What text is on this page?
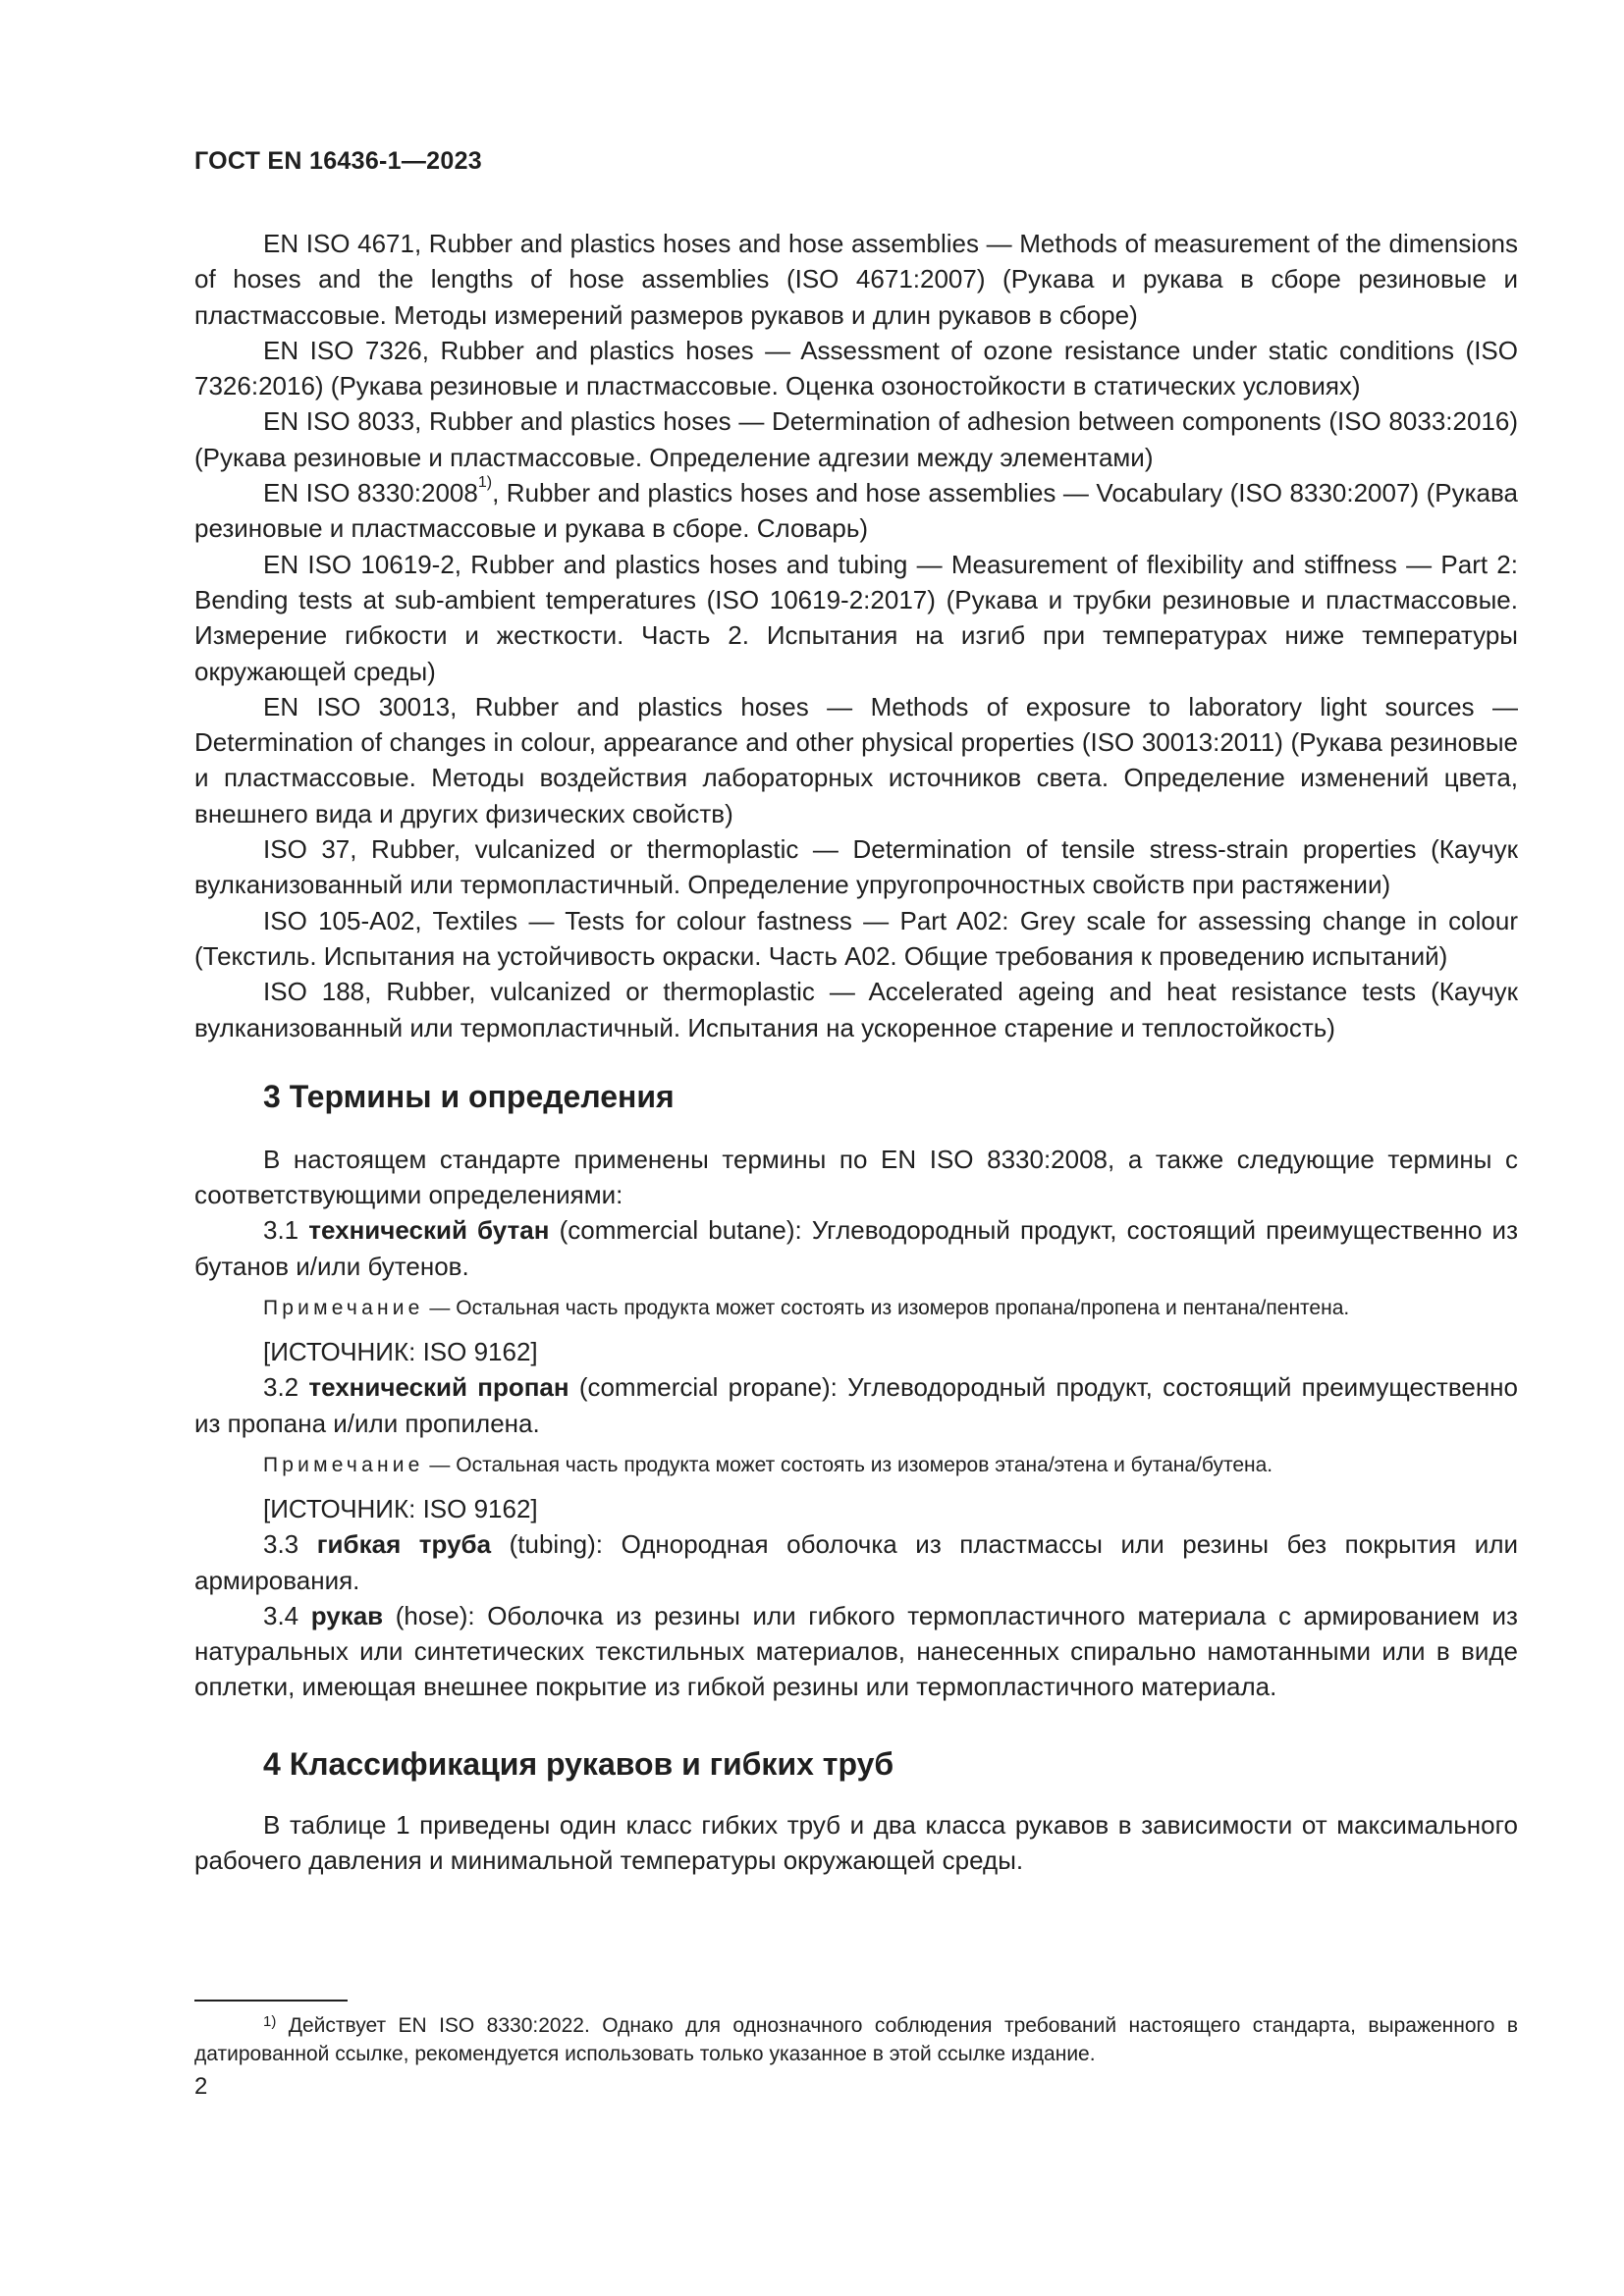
ГОСТ EN 16436-1—2023

EN ISO 4671, Rubber and plastics hoses and hose assemblies — Methods of measurement of the dimensions of hoses and the lengths of hose assemblies (ISO 4671:2007) (Рукава и рукава в сборе резиновые и пластмассовые. Методы измерений размеров рукавов и длин рукавов в сборе)

EN ISO 7326, Rubber and plastics hoses — Assessment of ozone resistance under static conditions (ISO 7326:2016) (Рукава резиновые и пластмассовые. Оценка озоностойкости в статических условиях)

EN ISO 8033, Rubber and plastics hoses — Determination of adhesion between components (ISO 8033:2016) (Рукава резиновые и пластмассовые. Определение адгезии между элементами)

EN ISO 8330:2008$^{1)}$, Rubber and plastics hoses and hose assemblies — Vocabulary (ISO 8330:2007) (Рукава резиновые и пластмассовые и рукава в сборе. Словарь)

EN ISO 10619-2, Rubber and plastics hoses and tubing — Measurement of flexibility and stiffness — Part 2: Bending tests at sub-ambient temperatures (ISO 10619-2:2017) (Рукава и трубки резиновые и пластмассовые. Измерение гибкости и жесткости. Часть 2. Испытания на изгиб при температурах ниже температуры окружающей среды)

EN ISO 30013, Rubber and plastics hoses — Methods of exposure to laboratory light sources — Determination of changes in colour, appearance and other physical properties (ISO 30013:2011) (Рукава резиновые и пластмассовые. Методы воздействия лабораторных источников света. Определение изменений цвета, внешнего вида и других физических свойств)

ISO 37, Rubber, vulcanized or thermoplastic — Determination of tensile stress-strain properties (Каучук вулканизованный или термопластичный. Определение упругопрочностных свойств при растяжении)

ISO 105-A02, Textiles — Tests for colour fastness — Part A02: Grey scale for assessing change in colour (Текстиль. Испытания на устойчивость окраски. Часть А02. Общие требования к проведению испытаний)

ISO 188, Rubber, vulcanized or thermoplastic — Accelerated ageing and heat resistance tests (Каучук вулканизованный или термопластичный. Испытания на ускоренное старение и теплостойкость)

3 Термины и определения

В настоящем стандарте применены термины по EN ISO 8330:2008, а также следующие термины с соответствующими определениями:

3.1 технический бутан (commercial butane): Углеводородный продукт, состоящий преимущественно из бутанов и/или бутенов.

Примечание — Остальная часть продукта может состоять из изомеров пропана/пропена и пентана/пентена.

[ИСТОЧНИК: ISO 9162]

3.2 технический пропан (commercial propane): Углеводородный продукт, состоящий преимущественно из пропана и/или пропилена.

Примечание — Остальная часть продукта может состоять из изомеров этана/этена и бутана/бутена.

[ИСТОЧНИК: ISO 9162]

3.3 гибкая труба (tubing): Однородная оболочка из пластмассы или резины без покрытия или армирования.

3.4 рукав (hose): Оболочка из резины или гибкого термопластичного материала с армированием из натуральных или синтетических текстильных материалов, нанесенных спирально намотанными или в виде оплетки, имеющая внешнее покрытие из гибкой резины или термопластичного материала.

4 Классификация рукавов и гибких труб

В таблице 1 приведены один класс гибких труб и два класса рукавов в зависимости от максимального рабочего давления и минимальной температуры окружающей среды.

$^{1)}$ Действует EN ISO 8330:2022. Однако для однозначного соблюдения требований настоящего стандарта, выраженного в датированной ссылке, рекомендуется использовать только указанное в этой ссылке издание.

2
